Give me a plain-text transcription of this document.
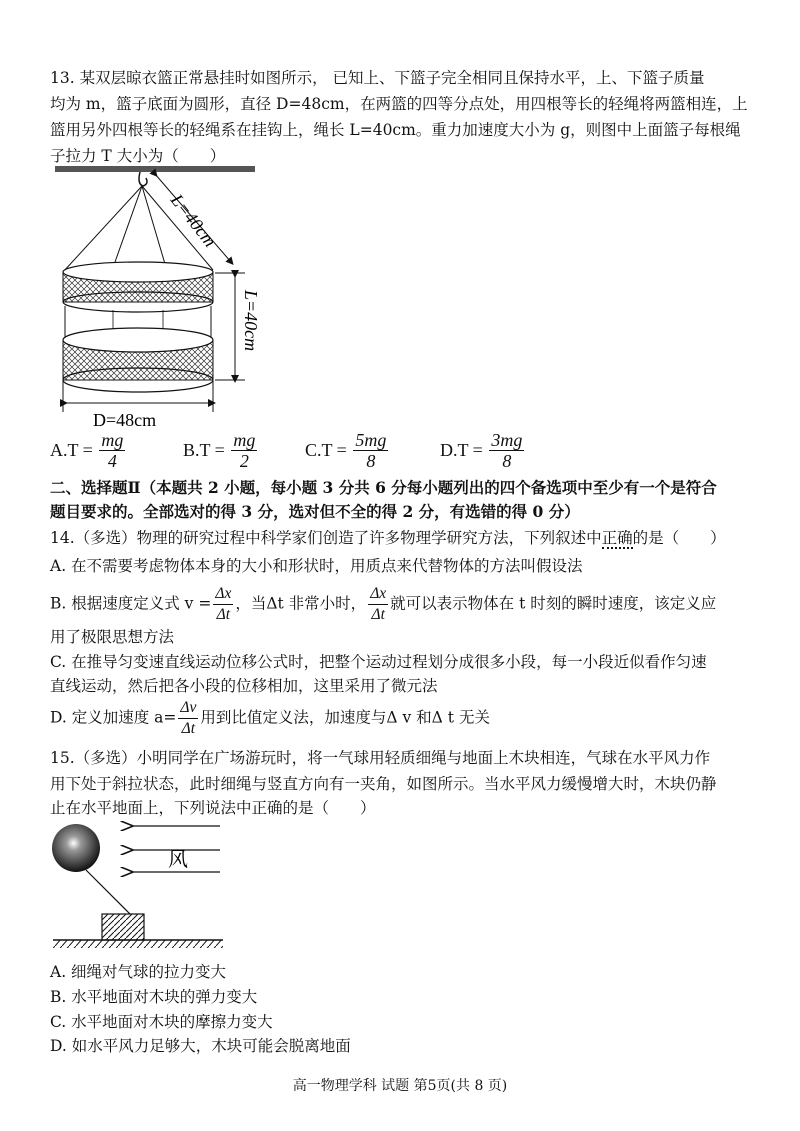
13. 某双层晾衣篮正常悬挂时如图所示， 已知上、下篮子完全相同且保持水平，上、下篮子质量
均为 m，篮子底面为圆形，直径 D=48cm，在两篮的四等分点处，用四根等长的轻绳将两篮相连，上
篮用另外四根等长的轻绳系在挂钩上，绳长 L=40cm。重力加速度大小为 g，则图中上面篮子每根绳
子拉力 T 大小为（　　）
L=40cm
L=40cm
D=48cm
$A.T = \frac{mg}{4}$	$B.T = \frac{mg}{2}$	$C.T = \frac{5mg}{8}$	$D.T = \frac{3mg}{8}$
二、选择题Ⅱ（本题共 2 小题，每小题 3 分共 6 分每小题列出的四个备选项中至少有一个是符合
题目要求的。全部选对的得 3 分，选对但不全的得 2 分，有选错的得 0 分）
14.（多选）物理的研究过程中科学家们创造了许多物理学研究方法，下列叙述中正确的是（　　）
A. 在不需要考虑物体本身的大小和形状时，用质点来代替物体的方法叫假设法
B. 根据速度定义式 $v = \frac{\Delta x}{\Delta t}$ ，当Δt 非常小时， $\frac{\Delta x}{\Delta t}$ 就可以表示物体在 t 时刻的瞬时速度，该定义应
用了极限思想方法
C. 在推导匀变速直线运动位移公式时，把整个运动过程划分成很多小段，每一小段近似看作匀速
直线运动，然后把各小段的位移相加，这里采用了微元法
D. 定义加速度 $a= \frac{\Delta v}{\Delta t}$ 用到比值定义法，加速度与Δ v 和Δ t 无关
15.（多选）小明同学在广场游玩时，将一气球用轻质细绳与地面上木块相连，气球在水平风力作
用下处于斜拉状态，此时细绳与竖直方向有一夹角，如图所示。当水平风力缓慢增大时，木块仍静
止在水平地面上，下列说法中正确的是（　　）
风
A. 细绳对气球的拉力变大
B. 水平地面对木块的弹力变大
C. 水平地面对木块的摩擦力变大
D. 如水平风力足够大，木块可能会脱离地面
高一物理学科 试题 第5页(共 8 页)
